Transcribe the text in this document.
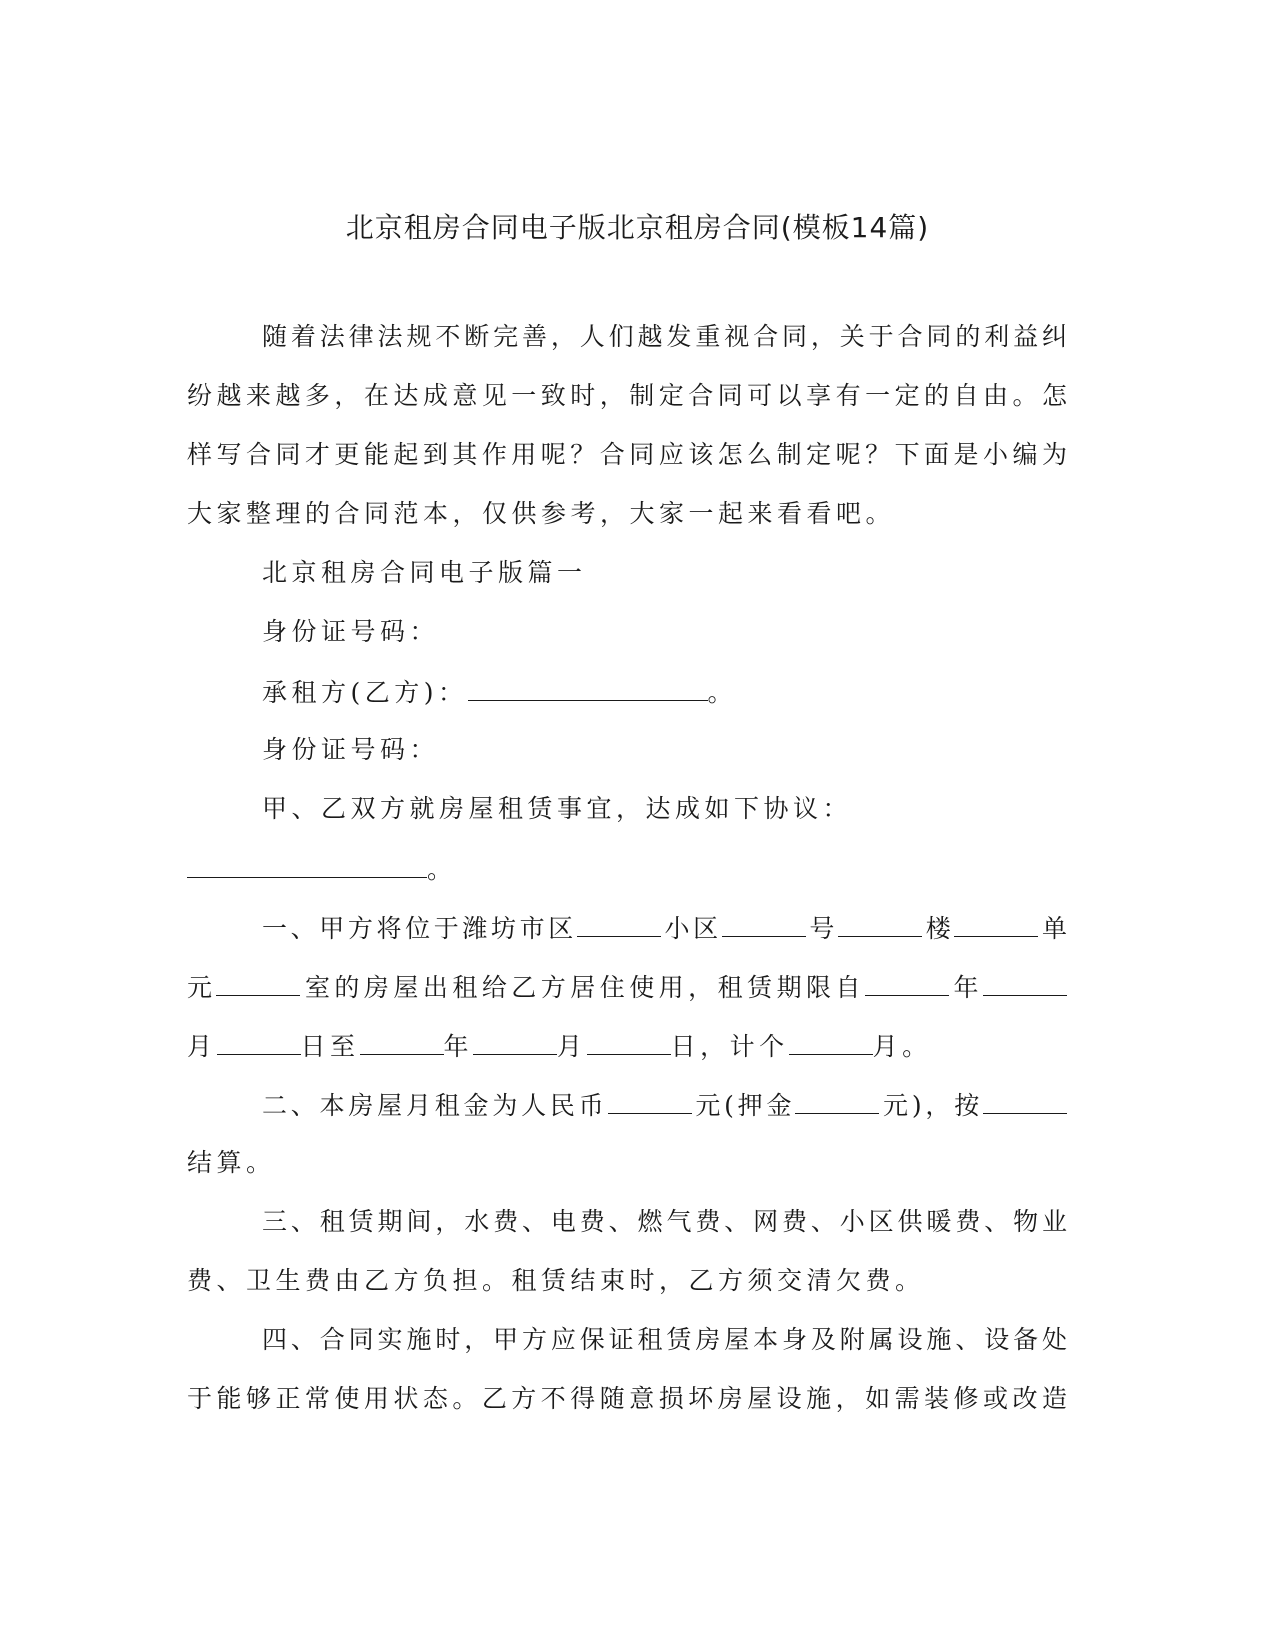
北京租房合同电子版北京租房合同(模板14篇)
随着法律法规不断完善，人们越发重视合同，关于合同的利益纠
纷越来越多，在达成意见一致时，制定合同可以享有一定的自由。怎
样写合同才更能起到其作用呢？合同应该怎么制定呢？下面是小编为
大家整理的合同范本，仅供参考，大家一起来看看吧。
北京租房合同电子版篇一
身份证号码：
承租方(乙方)：	。
身份证号码：
甲、乙双方就房屋租赁事宜，达成如下协议：
。
一、甲方将位于潍坊市区	小区	号	楼	单
元	室的房屋出租给乙方居住使用，租赁期限自	年
月	日至	年	月	日，计个	月。
二、本房屋月租金为人民币	元(押金	元)，按
结算。
三、租赁期间，水费、电费、燃气费、网费、小区供暖费、物业
费、卫生费由乙方负担。租赁结束时，乙方须交清欠费。
四、合同实施时，甲方应保证租赁房屋本身及附属设施、设备处
于能够正常使用状态。乙方不得随意损坏房屋设施，如需装修或改造
